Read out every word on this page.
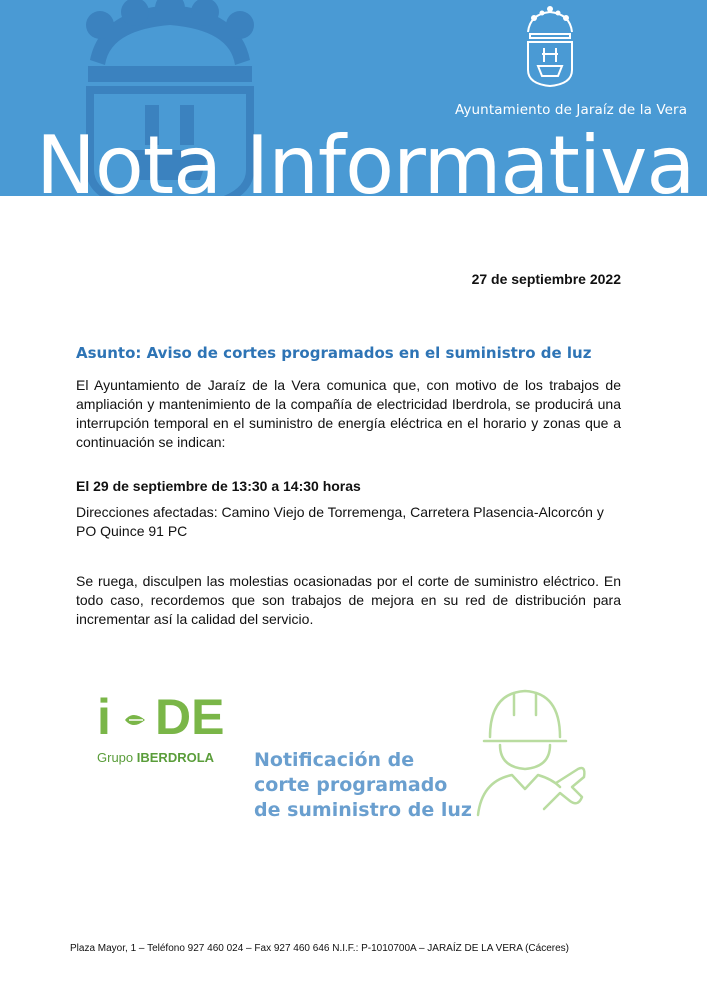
Ayuntamiento de Jaraíz de la Vera
Nota Informativa
27 de septiembre 2022
Asunto: Aviso de cortes programados en el suministro de luz

El Ayuntamiento de Jaraíz de la Vera comunica que, con motivo de los trabajos de ampliación y mantenimiento de la compañía de electricidad Iberdrola, se producirá una interrupción temporal en el suministro de energía eléctrica en el horario y zonas que a continuación se indican:

El 29 de septiembre de 13:30 a 14:30 horas

Direcciones afectadas: Camino Viejo de Torremenga, Carretera Plasencia-Alcorcón y PO Quince 91 PC

Se ruega, disculpen las molestias ocasionadas por el corte de suministro eléctrico. En todo caso, recordemos que son trabajos de mejora en su red de distribución para incrementar así la calidad del servicio.

i DE
Grupo IBERDROLA Notificación de
corte programado
de suministro de luz
Plaza Mayor, 1 – Teléfono 927 460 024 – Fax 927 460 646 N.I.F.: P-1010700A – JARAÍZ DE LA VERA (Cáceres)
